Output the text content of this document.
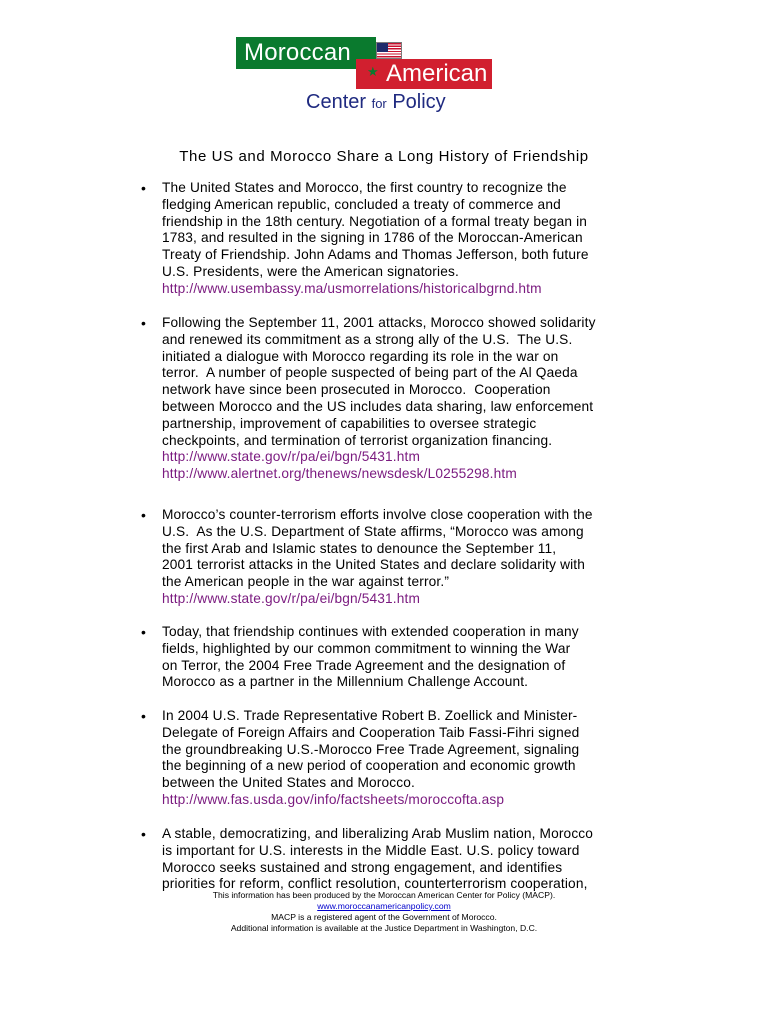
Moroccan
★ American
Center for Policy
The US and Morocco Share a Long History of Friendship
• The United States and Morocco, the first country to recognize the
fledging American republic, concluded a treaty of commerce and
friendship in the 18th century. Negotiation of a formal treaty began in
1783, and resulted in the signing in 1786 of the Moroccan-American
Treaty of Friendship. John Adams and Thomas Jefferson, both future
U.S. Presidents, were the American signatories.
http://www.usembassy.ma/usmorrelations/historicalbgrnd.htm
• Following the September 11, 2001 attacks, Morocco showed solidarity
and renewed its commitment as a strong ally of the U.S.  The U.S.
initiated a dialogue with Morocco regarding its role in the war on
terror.  A number of people suspected of being part of the Al Qaeda
network have since been prosecuted in Morocco.  Cooperation
between Morocco and the US includes data sharing, law enforcement
partnership, improvement of capabilities to oversee strategic
checkpoints, and termination of terrorist organization financing.
http://www.state.gov/r/pa/ei/bgn/5431.htm
http://www.alertnet.org/thenews/newsdesk/L0255298.htm
• Morocco’s counter-terrorism efforts involve close cooperation with the
U.S.  As the U.S. Department of State affirms, “Morocco was among
the first Arab and Islamic states to denounce the September 11,
2001 terrorist attacks in the United States and declare solidarity with
the American people in the war against terror.”
http://www.state.gov/r/pa/ei/bgn/5431.htm
• Today, that friendship continues with extended cooperation in many
fields, highlighted by our common commitment to winning the War
on Terror, the 2004 Free Trade Agreement and the designation of
Morocco as a partner in the Millennium Challenge Account.
• In 2004 U.S. Trade Representative Robert B. Zoellick and Minister-
Delegate of Foreign Affairs and Cooperation Taib Fassi-Fihri signed
the groundbreaking U.S.-Morocco Free Trade Agreement, signaling
the beginning of a new period of cooperation and economic growth
between the United States and Morocco.
http://www.fas.usda.gov/info/factsheets/moroccofta.asp
• A stable, democratizing, and liberalizing Arab Muslim nation, Morocco
is important for U.S. interests in the Middle East. U.S. policy toward
Morocco seeks sustained and strong engagement, and identifies
priorities for reform, conflict resolution, counterterrorism cooperation,
This information has been produced by the Moroccan American Center for Policy (MACP).
www.moroccanamericanpolicy.com
MACP is a registered agent of the Government of Morocco.
Additional information is available at the Justice Department in Washington, D.C.
